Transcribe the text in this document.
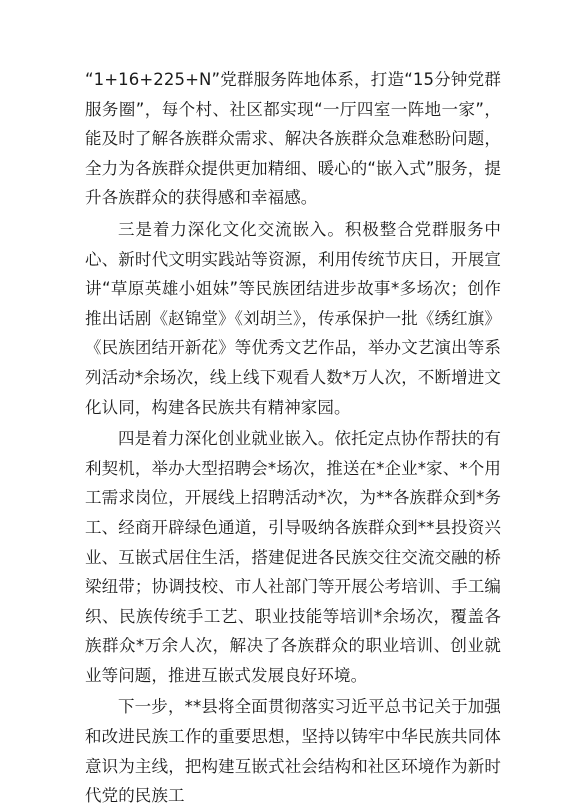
“1+16+225+N”党群服务阵地体系，打造“15分钟党群服务圈”，每个村、社区都实现“一厅四室一阵地一家”，能及时了解各族群众需求、解决各族群众急难愁盼问题，全力为各族群众提供更加精细、暖心的“嵌入式”服务，提升各族群众的获得感和幸福感。

三是着力深化文化交流嵌入。积极整合党群服务中心、新时代文明实践站等资源，利用传统节庆日，开展宣讲“草原英雄小姐妹”等民族团结进步故事*多场次；创作推出话剧《赵锦堂》《刘胡兰》，传承保护一批《绣红旗》《民族团结开新花》等优秀文艺作品，举办文艺演出等系列活动*余场次，线上线下观看人数*万人次，不断增进文化认同，构建各民族共有精神家园。

四是着力深化创业就业嵌入。依托定点协作帮扶的有利契机，举办大型招聘会*场次，推送在*企业*家、*个用工需求岗位，开展线上招聘活动*次，为**各族群众到*务工、经商开辟绿色通道，引导吸纳各族群众到**县投资兴业、互嵌式居住生活，搭建促进各民族交往交流交融的桥梁纽带；协调技校、市人社部门等开展公考培训、手工编织、民族传统手工艺、职业技能等培训*余场次，覆盖各族群众*万余人次，解决了各族群众的职业培训、创业就业等问题，推进互嵌式发展良好环境。

下一步，**县将全面贯彻落实习近平总书记关于加强和改进民族工作的重要思想，坚持以铸牢中华民族共同体意识为主线，把构建互嵌式社会结构和社区环境作为新时代党的民族工
